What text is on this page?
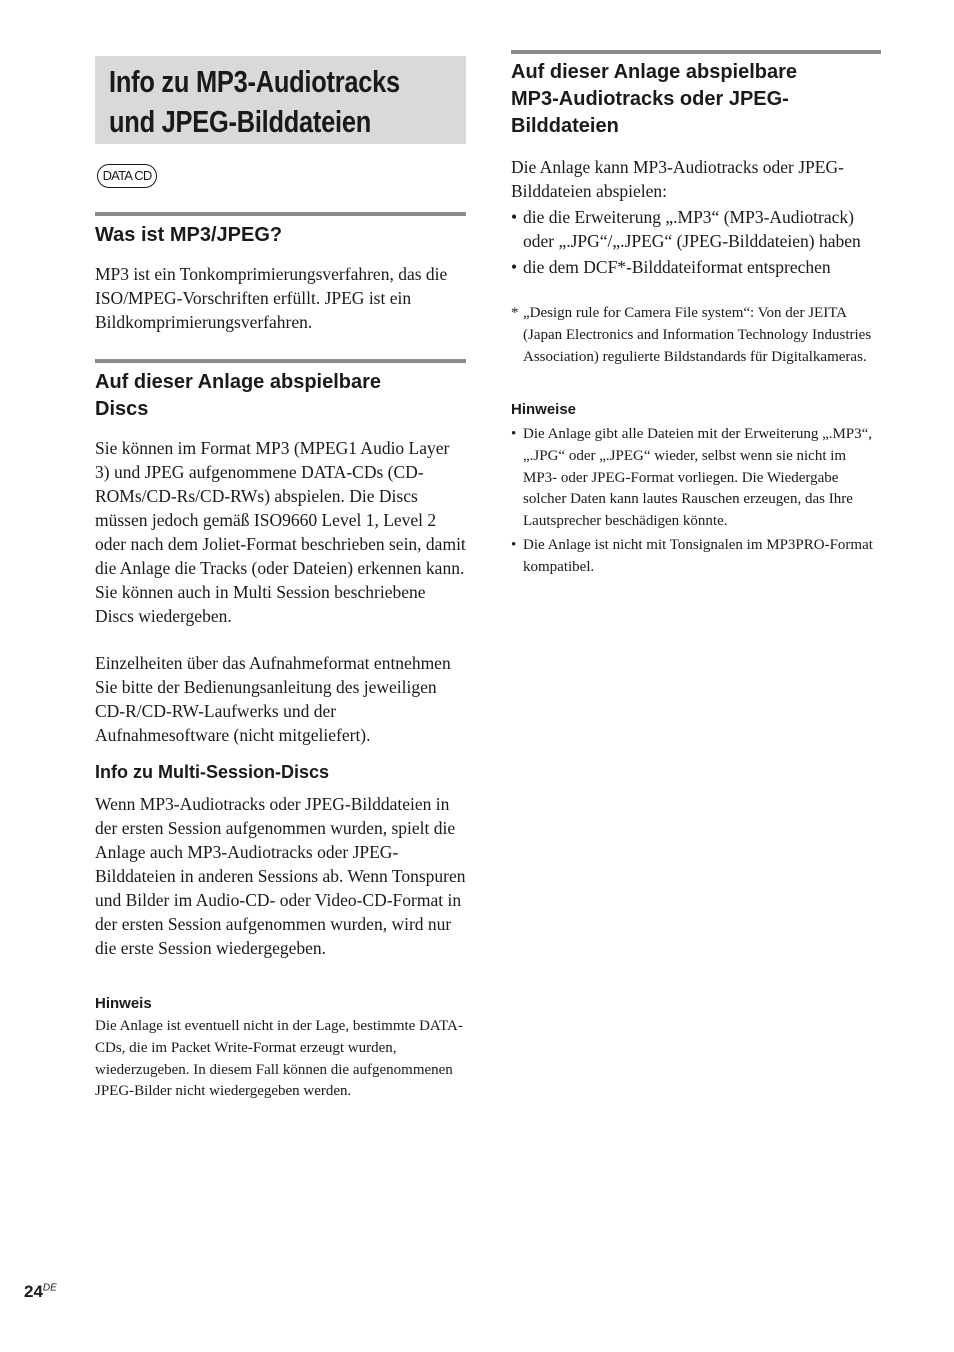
Info zu MP3-Audiotracks
und JPEG-Bilddateien
DATA CD
Was ist MP3/JPEG?

MP3 ist ein Tonkomprimierungsverfahren, das die ISO/MPEG-Vorschriften erfüllt. JPEG ist ein Bildkomprimierungsverfahren.

Auf dieser Anlage abspielbare
Discs

Sie können im Format MP3 (MPEG1 Audio Layer 3) und JPEG aufgenommene DATA-CDs (CD-ROMs/CD-Rs/CD-RWs) abspielen. Die Discs müssen jedoch gemäß ISO9660 Level 1, Level 2 oder nach dem Joliet-Format beschrieben sein, damit die Anlage die Tracks (oder Dateien) erkennen kann. Sie können auch in Multi Session beschriebene Discs wiedergeben.

Einzelheiten über das Aufnahmeformat entnehmen Sie bitte der Bedienungsanleitung des jeweiligen CD-R/CD-RW-Laufwerks und der Aufnahmesoftware (nicht mitgeliefert).

Info zu Multi-Session-Discs

Wenn MP3-Audiotracks oder JPEG-Bilddateien in der ersten Session aufgenommen wurden, spielt die Anlage auch MP3-Audiotracks oder JPEG-Bilddateien in anderen Sessions ab. Wenn Tonspuren und Bilder im Audio-CD- oder Video-CD-Format in der ersten Session aufgenommen wurden, wird nur die erste Session wiedergegeben.

Hinweis

Die Anlage ist eventuell nicht in der Lage, bestimmte DATA-CDs, die im Packet Write-Format erzeugt wurden, wiederzugeben. In diesem Fall können die aufgenommenen JPEG-Bilder nicht wiedergegeben werden.

Auf dieser Anlage abspielbare
MP3-Audiotracks oder JPEG-
Bilddateien

Die Anlage kann MP3-Audiotracks oder JPEG-Bilddateien abspielen:

• die die Erweiterung „.MP3“ (MP3-Audiotrack) oder „.JPG“/„.JPEG“ (JPEG-Bilddateien) haben
• die dem DCF*-Bilddateiformat entsprechen

* „Design rule for Camera File system“: Von der JEITA (Japan Electronics and Information Technology Industries Association) regulierte Bildstandards für Digitalkameras.

Hinweise
• Die Anlage gibt alle Dateien mit der Erweiterung „.MP3“, „.JPG“ oder „.JPEG“ wieder, selbst wenn sie nicht im MP3- oder JPEG-Format vorliegen. Die Wiedergabe solcher Daten kann lautes Rauschen erzeugen, das Ihre Lautsprecher beschädigen könnte.
• Die Anlage ist nicht mit Tonsignalen im MP3PRO-Format kompatibel.
24DE
